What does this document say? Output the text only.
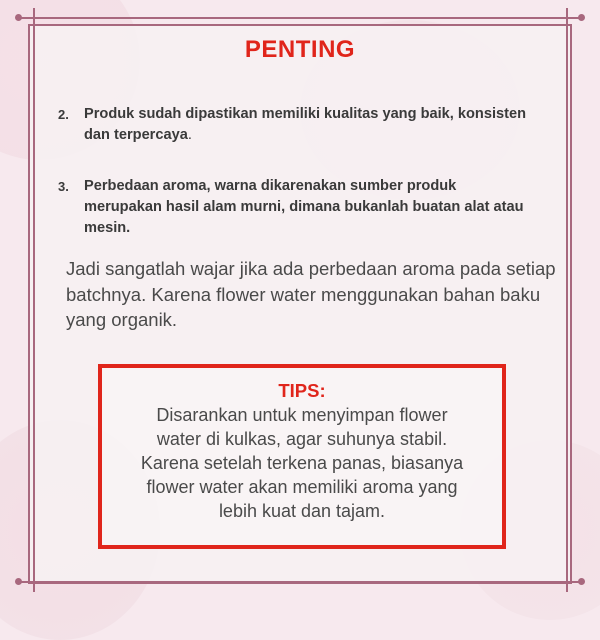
PENTING
2. Produk sudah dipastikan memiliki kualitas yang baik, konsisten dan terpercaya.
3. Perbedaan aroma, warna dikarenakan sumber produk merupakan hasil alam murni, dimana bukanlah buatan alat atau mesin.
Jadi sangatlah wajar jika ada perbedaan aroma pada setiap batchnya. Karena flower water menggunakan bahan baku yang organik.
TIPS:
Disarankan untuk menyimpan flower
water di kulkas, agar suhunya stabil.
Karena setelah terkena panas, biasanya
flower water akan memiliki aroma yang
lebih kuat dan tajam.
